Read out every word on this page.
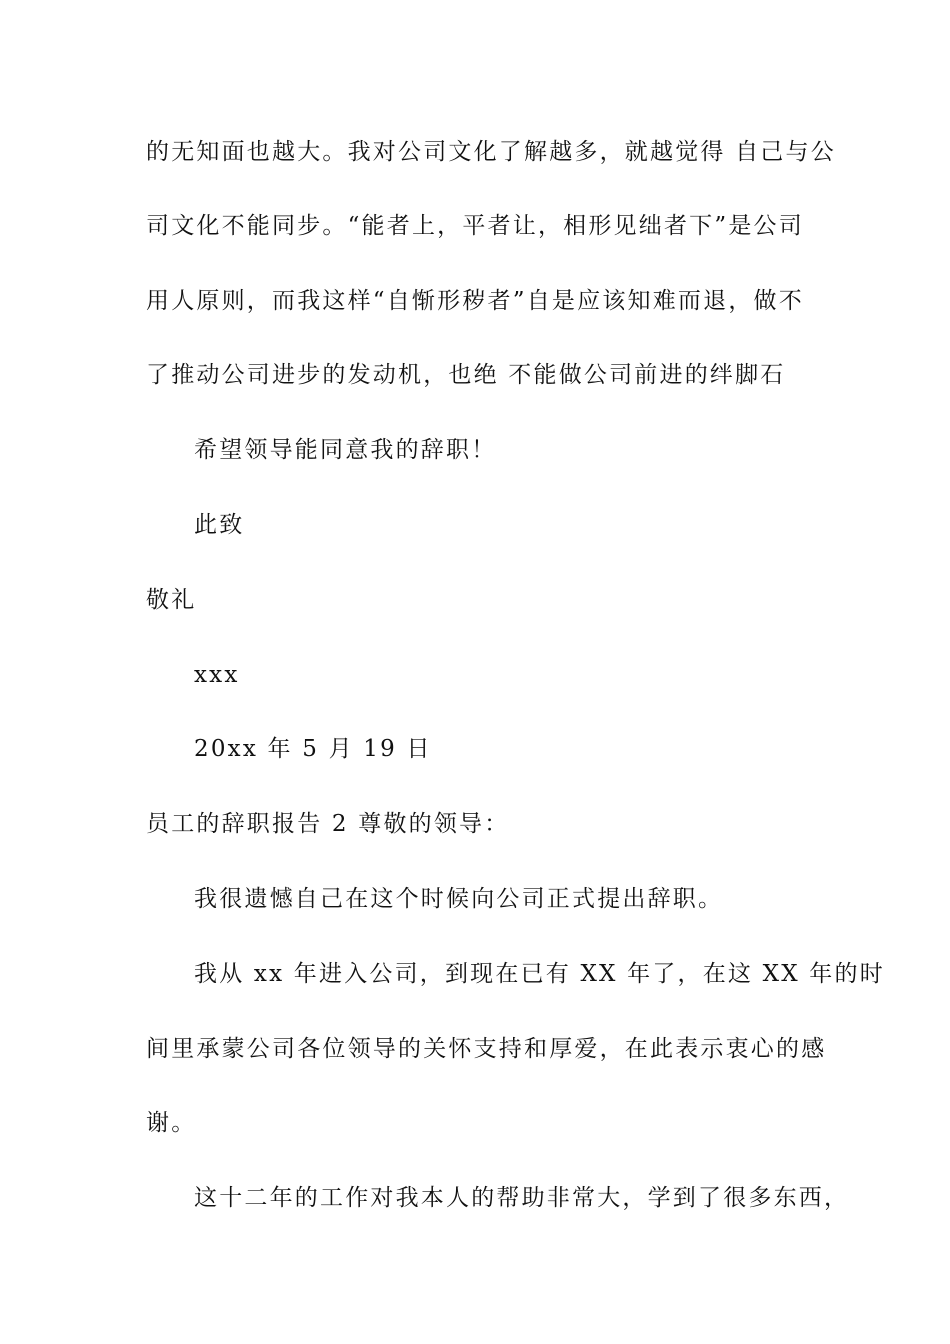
的无知面也越大。我对公司文化了解越多，就越觉得 自己与公
司文化不能同步。“能者上，平者让，相形见绌者下”是公司
用人原则，而我这样“自惭形秽者”自是应该知难而退，做不
了推动公司进步的发动机，也绝 不能做公司前进的绊脚石
希望领导能同意我的辞职！
此致
敬礼
xxx
20xx 年 5 月 19 日
员工的辞职报告 2 尊敬的领导：
我很遗憾自己在这个时候向公司正式提出辞职。
我从 xx 年进入公司，到现在已有 XX 年了，在这 XX 年的时
间里承蒙公司各位领导的关怀支持和厚爱，在此表示衷心的感
谢。
这十二年的工作对我本人的帮助非常大，学到了很多东西，
